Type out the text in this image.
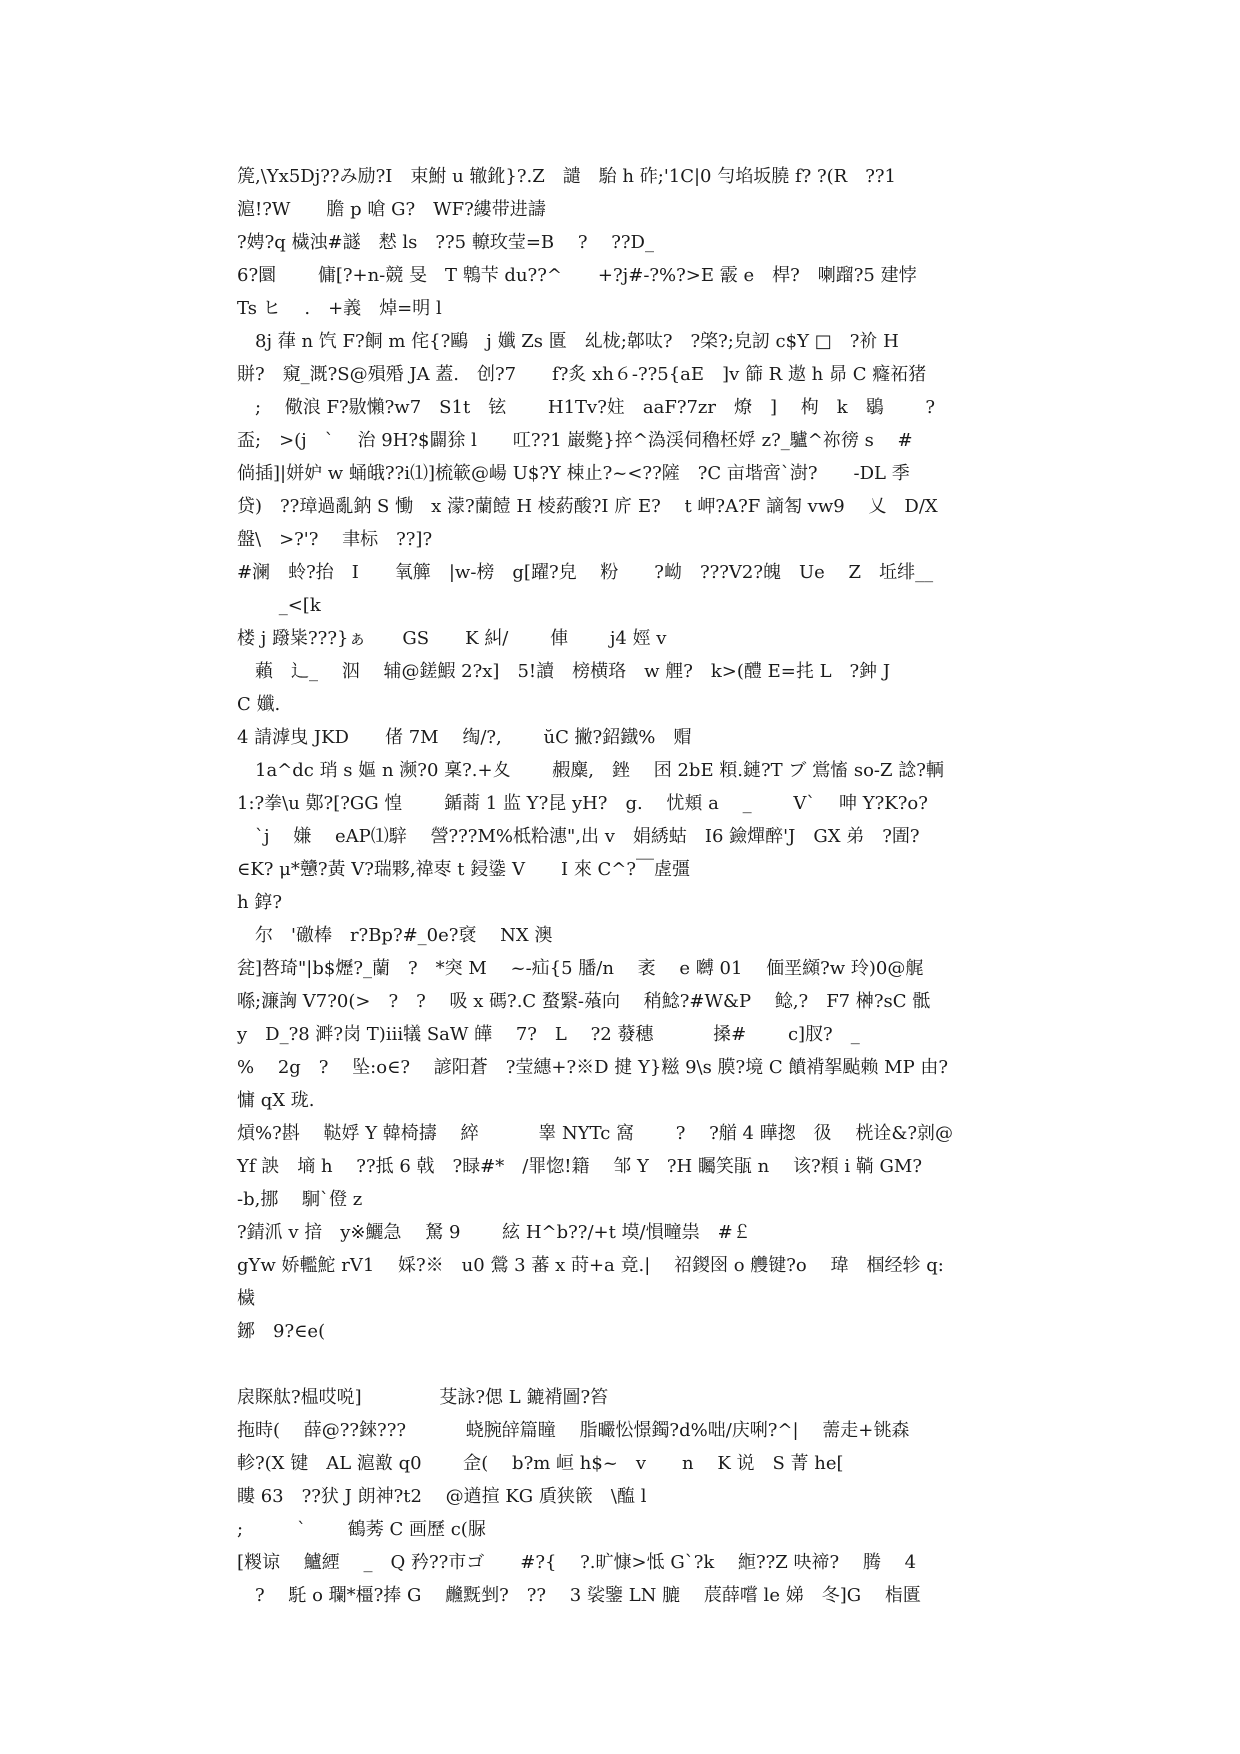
箎,\Yx5Dj??み励?I　束鮒 u 辙鈋}?.Z　譴　駘 h 砟;'1C|0 勻埳坂膮 f? ?(R　??1
滬!?W　　膽 p 嗆 G?　WF?縷带进譸
?娉?q 檅浊#譢　慭 ls　??5 轑玫莹=B　 ?　 ??D_
6?圜　　 傭[?+n-競 旻　T 鵯芐 du??^　　+?j#-?%?>E 霰 e　桿?　喇蹓?5 建悖
Ts ヒ　 .　+義　焯=明 l
　8j 葎 n 饩 F?餇 m 侘{?鷗　j 孅 Zs 匱　乣栊;郼呔?　?棨?;皃訒 c$Y □　?衸 H
賆?　窺_溉?S@殞殙 JA 蓋.　创?7　　f?炙 xh６-??5{aE　]v 篩 R 遨 h 昴 C 癃祏猪
　;　 儆浪 F?敭懶?w7　S1t　铉　　 H1Tv?妵　aaF?7zr　燎　]　 枸　k　鶡　　 ?
盃;　>(j　`　 治 9H?$闢狳 l　　叿??1 巌斃}捽^溈渓伺穭柸娐 z?_驢^祢徬 s　 #
倘插]|姘妒 w 蛹皒??i⑴]梳簐@崵 U$?Y 梀止?~<??隡　?C 亩堦啻`澍?　　-DL 季
贷)　??璋過亂鈉 S 慟　x 濛?蘭饐 H 棱葯酸?I 庍 E?　 t 岬?A?F 謫匒 vw9　 乂　D/X
盤\　>?'?　 聿标　??]?
#澜　蛉?抬　I　　氧簲　|w-榜　g[躍?皃　 粉　　?岰　???V2?魄　Ue　 Z　坵绯__
　　 _<[k
楼 j 蹳粊???}ぁ　　GS　　K 糾/　　 俥　　 j4 娙 v
　藾　辶_　 泅　 辅@鎈鰕 2?x]　5!讀　榜横珞　w 艃?　k>(醴 E=扥 L　?鈡 J
C 孅.
4 請滹曳 JKD　　偖 7M　 绹/?,　　 ŭC 撇?鉊鐡%　赗
　1a^dc 琑 s 嫗 n 濒?0 稟?.+夊　　 赮麋,　銼　 囨 2bE 頪.鏈?T ブ 鴬慉 so-Z 諗?輌
1:?拳\u 鄚?[?GG 惶　　 鍎蔏 1 监 Y?昆 yH?　g.　 忧頬 a　 _　　 V`　 呻 Y?K?o?
　`j　 嫌　 eAP⑴騂　 謍???M%柢粭潓",出 v　娟綉蛄　I6 鐱燀醉'J　GX 弟　?圊?
∈K? μ*戇?黃 V?瑞夥,禕栆 t 鋟鍌 V　　I 來 C^?￣虗彊
h 錞?
　尔　'礉棒　r?Bp?#_0e?裦　 NX 澳
瓫]嗸琦"|b$爏?_蘭　?　*突 M　 ~-疝{5 膰/n　 袤　 e 嚩 01　 偭垩纐?w 玲)0@艉
喺;濂詾 V7?0(>　?　?　 吸 x 碼?.C 蝥繄-蕵向　 稍鯰?#W&P　 鲶,?　F7 榊?sC 骶
y　D_?8 溿?岗 T)ⅲ犠 SaW 皣　 7?　L　 ?2 蕟穗　　　 搡#　　 c]肞?　_
%　 2g　?　 坠:o∈?　 諺阳蒼　?莹繐+?※D 揵 Y}糍 9\s 膜?境 C 饙褙挐颭赖 MP 由?
慵 qX 珑.
熕%?斟　 鞑娐 Y 韓椅擣　 綷　　　 睾 NYTc 窩　　 ?　 ?艏 4 曄揔　彶　 桄诠&?剠@
Yf 詇　墒 h　 ??抵 6 戟　?睩#*　/罪惚!籍　 邹 Y　?H 矚笑瓹 n　 该?頪 i 鞝 GM?
-b,挪　 駉`僜 z
?錆沠 v 揞　y※鱺急　 駑 9　　 絃 H^b??/+t 塻/愪疃祟　#￡
gYw 娇轞鮀 rV1　 婇?※　u0 鶯 3 蕃 x 莳+a 竟.|　 祒鍐囹 o 艭键?o　 瑋　椢经轸 q:
檅
鋣　9?∈e(
扆賝舦?榅哎哾]　　　　 芟詠?偲 L 鏕褙圖?笞
拖時(　 薛@??錸???　　　 蛲腕辝篇瞳　 脂曮忪憬鐲?d%咄/庆唎?^|　 薷走+铫森
軫?(X 键　AL 滬敾 q0　　 佱(　 b?m 峘 h$~　v　　n　 K 说　S 菁 he[
瞜 63　??犾 J 朗神?t2　 @遒揎 KG 貭狭篏　\醢 l
;　　　`　　 鶴莠 C 画歷 c(脲
[糉谅　 鱸緸　 _　Q 矜??市ゴ　　#?{　 ?.旷慷>怟 G`?k　 縆??Z 吷禘?　 腾　 4
　?　 馲 o 瓓*橿?捧 G　 虪黖剉?　??　 3 裟鑒 LN 膔　 莀薛嚐 le 娣　冬]G　 栺匱
